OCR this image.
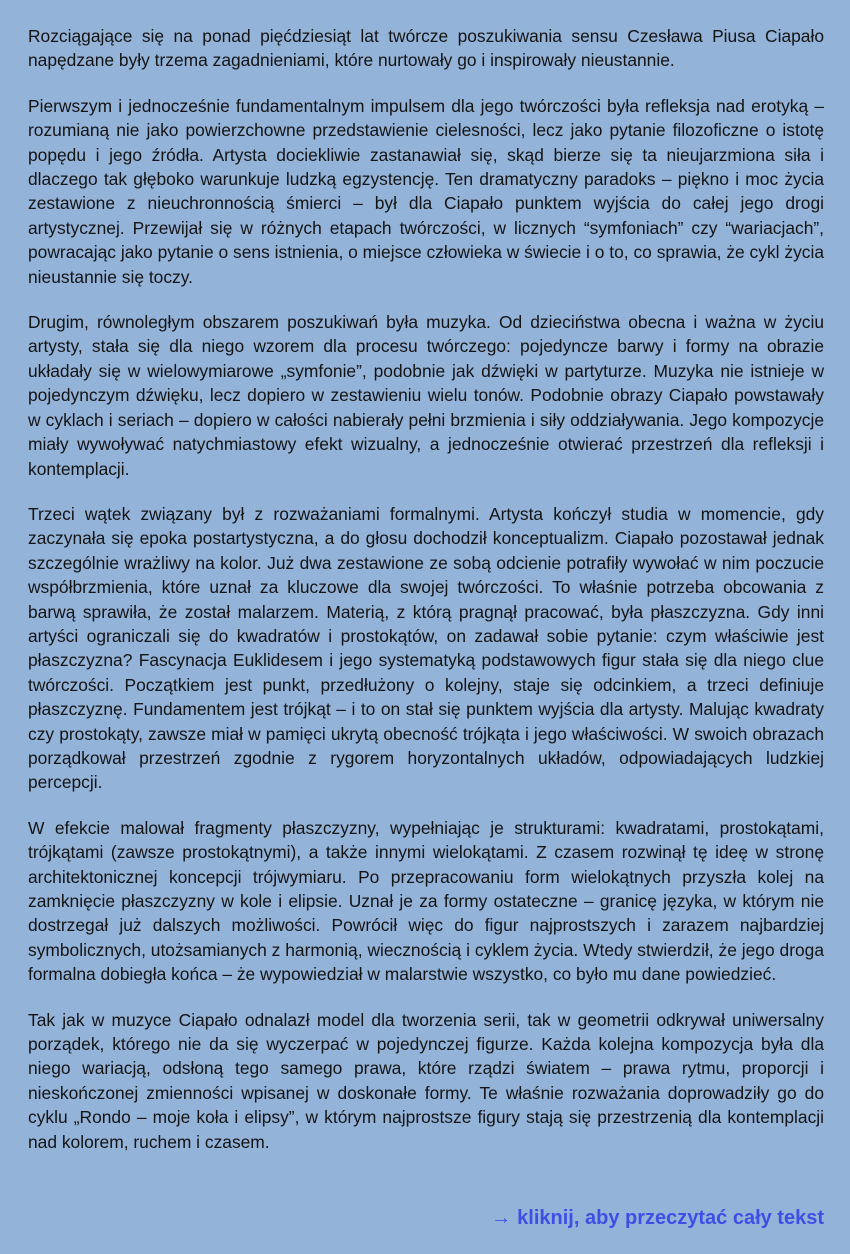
Rozciągające się na ponad pięćdziesiąt lat twórcze poszukiwania sensu Czesława Piusa Ciapało napędzane były trzema zagadnieniami, które nurtowały go i inspirowały nieustannie.

Pierwszym i jednocześnie fundamentalnym impulsem dla jego twórczości była refleksja nad erotyką – rozumianą nie jako powierzchowne przedstawienie cielesności, lecz jako pytanie filozoficzne o istotę popędu i jego źródła. Artysta dociekliwie zastanawiał się, skąd bierze się ta nieujarzmiona siła i dlaczego tak głęboko warunkuje ludzką egzystencję. Ten dramatyczny paradoks – piękno i moc życia zestawione z nieuchronnością śmierci – był dla Ciapało punktem wyjścia do całej jego drogi artystycznej. Przewijał się w różnych etapach twórczości, w licznych “symfoniach” czy “wariacjach”, powracając jako pytanie o sens istnienia, o miejsce człowieka w świecie i o to, co sprawia, że cykl życia nieustannie się toczy.

Drugim, równoległym obszarem poszukiwań była muzyka. Od dzieciństwa obecna i ważna w życiu artysty, stała się dla niego wzorem dla procesu twórczego: pojedyncze barwy i formy na obrazie układały się w wielowymiarowe „symfonie”, podobnie jak dźwięki w partyturze. Muzyka nie istnieje w pojedynczym dźwięku, lecz dopiero w zestawieniu wielu tonów. Podobnie obrazy Ciapało powstawały w cyklach i seriach – dopiero w całości nabierały pełni brzmienia i siły oddziaływania. Jego kompozycje miały wywoływać natychmiastowy efekt wizualny, a jednocześnie otwierać przestrzeń dla refleksji i kontemplacji.

Trzeci wątek związany był z rozważaniami formalnymi. Artysta kończył studia w momencie, gdy zaczynała się epoka postartystyczna, a do głosu dochodził konceptualizm. Ciapało pozostawał jednak szczególnie wrażliwy na kolor. Już dwa zestawione ze sobą odcienie potrafiły wywołać w nim poczucie współbrzmienia, które uznał za kluczowe dla swojej twórczości. To właśnie potrzeba obcowania z barwą sprawiła, że został malarzem. Materią, z którą pragnął pracować, była płaszczyzna. Gdy inni artyści ograniczali się do kwadratów i prostokątów, on zadawał sobie pytanie: czym właściwie jest płaszczyzna? Fascynacja Euklidesem i jego systematyką podstawowych figur stała się dla niego clue twórczości. Początkiem jest punkt, przedłużony o kolejny, staje się odcinkiem, a trzeci definiuje płaszczyznę. Fundamentem jest trójkąt – i to on stał się punktem wyjścia dla artysty. Malując kwadraty czy prostokąty, zawsze miał w pamięci ukrytą obecność trójkąta i jego właściwości. W swoich obrazach porządkował przestrzeń zgodnie z rygorem horyzontalnych układów, odpowiadających ludzkiej percepcji.

W efekcie malował fragmenty płaszczyzny, wypełniając je strukturami: kwadratami, prostokątami, trójkątami (zawsze prostokątnymi), a także innymi wielokątami. Z czasem rozwinął tę ideę w stronę architektonicznej koncepcji trójwymiaru. Po przepracowaniu form wielokątnych przyszła kolej na zamknięcie płaszczyzny w kole i elipsie. Uznał je za formy ostateczne – granicę języka, w którym nie dostrzegał już dalszych możliwości. Powrócił więc do figur najprostszych i zarazem najbardziej symbolicznych, utożsamianych z harmonią, wiecznością i cyklem życia. Wtedy stwierdził, że jego droga formalna dobiegła końca – że wypowiedział w malarstwie wszystko, co było mu dane powiedzieć.

Tak jak w muzyce Ciapało odnalazł model dla tworzenia serii, tak w geometrii odkrywał uniwersalny porządek, którego nie da się wyczerpać w pojedynczej figurze. Każda kolejna kompozycja była dla niego wariacją, odsłoną tego samego prawa, które rządzi światem – prawa rytmu, proporcji i nieskończonej zmienności wpisanej w doskonałe formy. Te właśnie rozważania doprowadziły go do cyklu „Rondo – moje koła i elipsy”, w którym najprostsze figury stają się przestrzenią dla kontemplacji nad kolorem, ruchem i czasem.

→ kliknij, aby przeczytać cały tekst
